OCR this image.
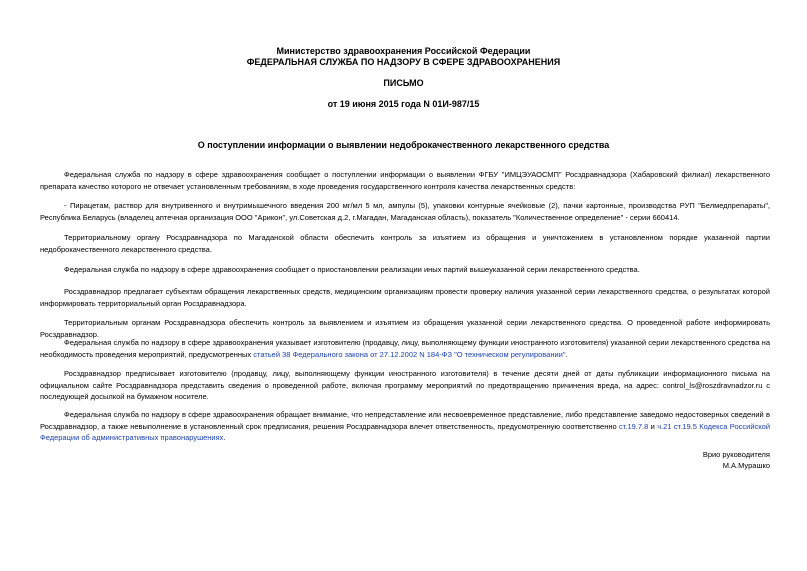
Министерство здравоохранения Российской Федерации
ФЕДЕРАЛЬНАЯ СЛУЖБА ПО НАДЗОРУ В СФЕРЕ ЗДРАВООХРАНЕНИЯ
ПИСЬМО
от 19 июня 2015 года N 01И-987/15
О поступлении информации о выявлении недоброкачественного лекарственного средства
Федеральная служба по надзору в сфере здравоохранения сообщает о поступлении информации о выявлении ФГБУ "ИМЦЭУАОСМП" Росздравнадзора (Хабаровский филиал) лекарственного препарата качество которого не отвечает установленным требованиям, в ходе проведения государственного контроля качества лекарственных средств:
- Пирацетам, раствор для внутривенного и внутримышечного введения 200 мг/мл 5 мл, ампулы (5), упаковки контурные ячейковые (2), пачки картонные, производства РУП "Белмедпрепараты", Республика Беларусь (владелец аптечная организация ООО "Арикон", ул.Советская д.2, г.Магадан, Магаданская область), показатель "Количественное определение" - серии 660414.
Территориальному органу Росздравнадзора по Магаданской области обеспечить контроль за изъятием из обращения и уничтожением в установленном порядке указанной партии недоброкачественного лекарственного средства.
Федеральная служба по надзору в сфере здравоохранения сообщает о приостановлении реализации иных партий вышеуказанной серии лекарственного средства.
Росздравнадзор предлагает субъектам обращения лекарственных средств, медицинским организациям провести проверку наличия указанной серии лекарственного средства, о результатах которой информировать территориальный орган Росздравнадзора.
Территориальным органам Росздравнадзора обеспечить контроль за выявлением и изъятием из обращения указанной серии лекарственного средства. О проведенной работе информировать Росздравнадзор.
Федеральная служба по надзору в сфере здравоохранения указывает изготовителю (продавцу, лицу, выполняющему функции иностранного изготовителя) указанной серии лекарственного средства на необходимость проведения мероприятий, предусмотренных статьей 38 Федерального закона от 27.12.2002 N 184-ФЗ "О техническом регулировании".
Росздравнадзор предписывает изготовителю (продавцу, лицу, выполняющему функции иностранного изготовителя) в течение десяти дней от даты публикации информационного письма на официальном сайте Росздравнадзора представить сведения о проведенной работе, включая программу мероприятий по предотвращению причинения вреда, на адрес: control_ls@roszdravnadzor.ru с последующей досылкой на бумажном носителе.
Федеральная служба по надзору в сфере здравоохранения обращает внимание, что непредставление или несвоевременное представление, либо представление заведомо недостоверных сведений в Росздравнадзор, а также невыполнение в установленный срок предписания, решения Росздравнадзора влечет ответственность, предусмотренную соответственно ст.19.7.8 и ч.21 ст.19.5 Кодекса Российской Федерации об административных правонарушениях.
Врио руководителя
М.А.Мурашко
